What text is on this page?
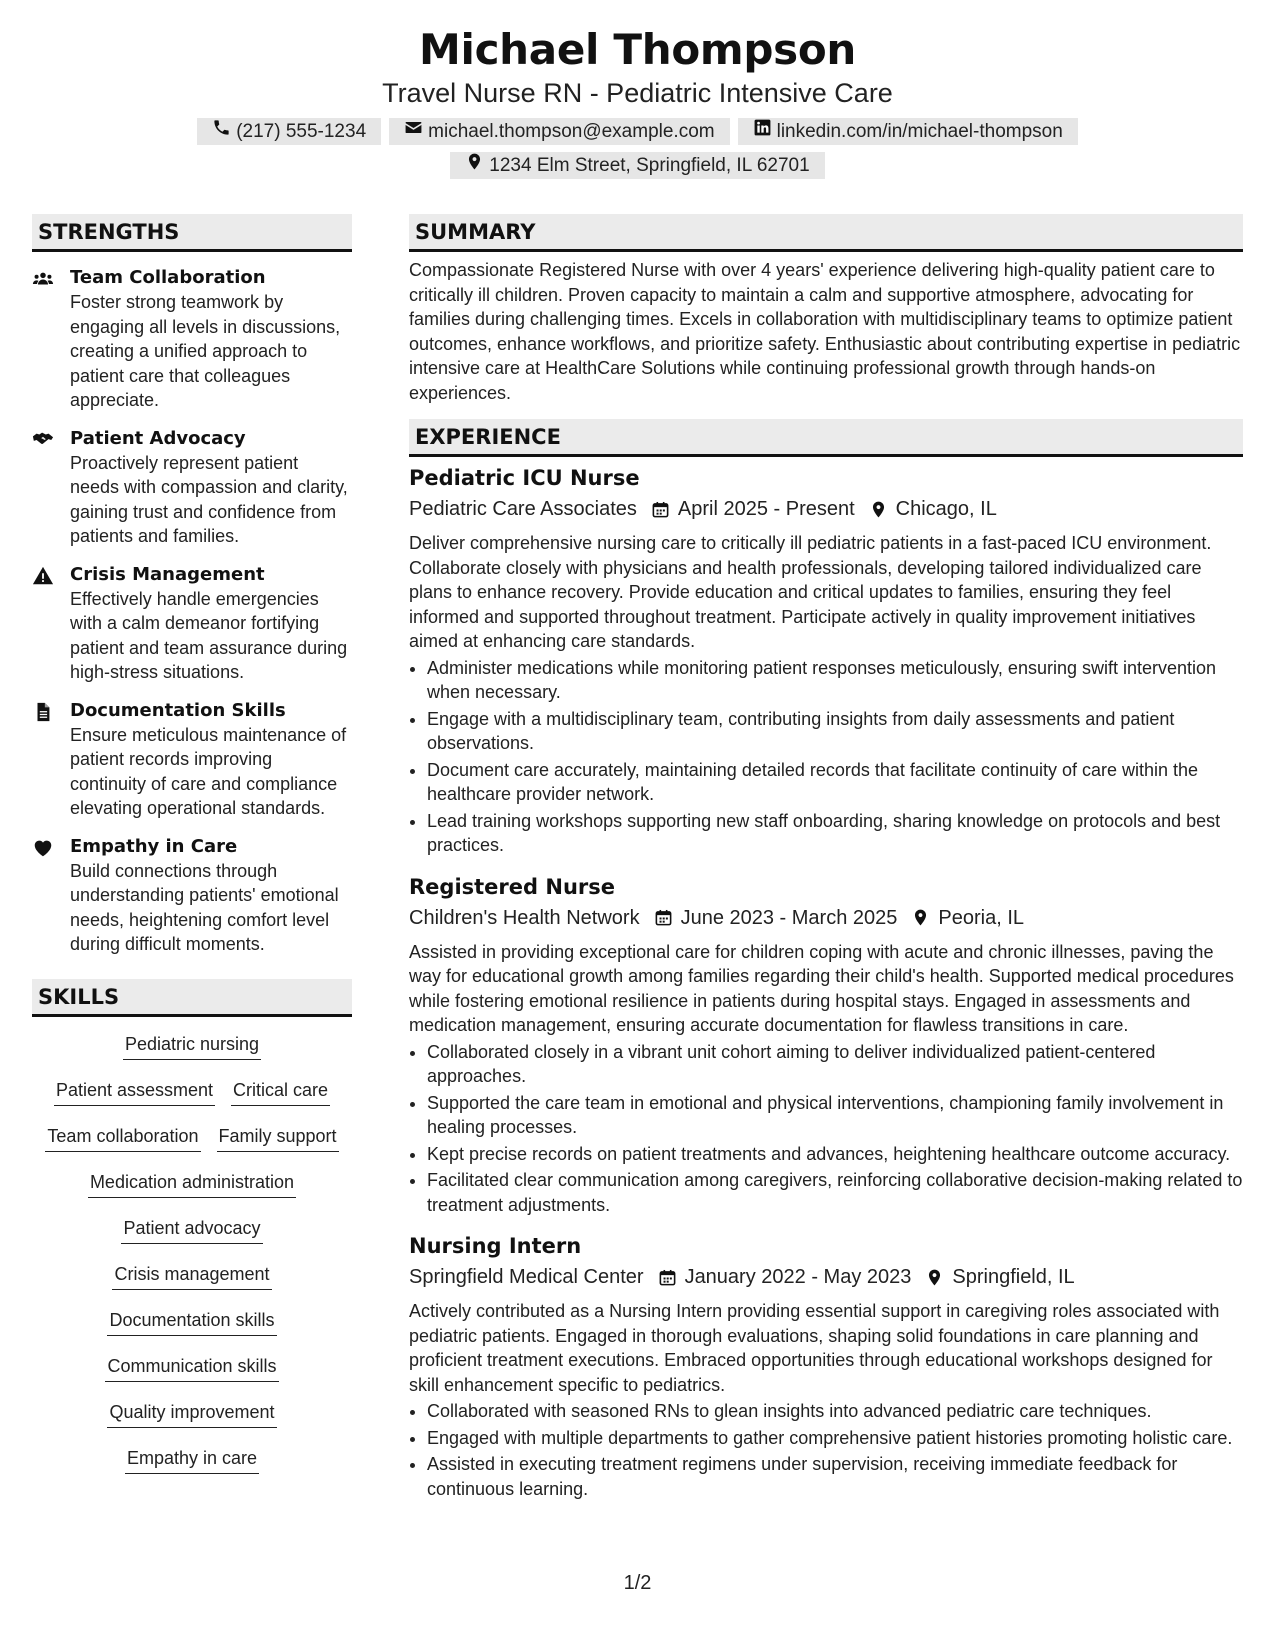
Michael Thompson
Travel Nurse RN - Pediatric Intensive Care
(217) 555-1234	michael.thompson@example.com	linkedin.com/in/michael-thompson
1234 Elm Street, Springfield, IL 62701
STRENGTHS
Team Collaboration
Foster strong teamwork by engaging all levels in discussions, creating a unified approach to patient care that colleagues appreciate.
Patient Advocacy
Proactively represent patient needs with compassion and clarity, gaining trust and confidence from patients and families.
Crisis Management
Effectively handle emergencies with a calm demeanor fortifying patient and team assurance during high-stress situations.
Documentation Skills
Ensure meticulous maintenance of patient records improving continuity of care and compliance elevating operational standards.
Empathy in Care
Build connections through understanding patients' emotional needs, heightening comfort level during difficult moments.
SKILLS
Pediatric nursing
Patient assessment Critical care
Team collaboration Family support
Medication administration
Patient advocacy
Crisis management
Documentation skills
Communication skills
Quality improvement
Empathy in care
SUMMARY
Compassionate Registered Nurse with over 4 years' experience delivering high-quality patient care to critically ill children. Proven capacity to maintain a calm and supportive atmosphere, advocating for families during challenging times. Excels in collaboration with multidisciplinary teams to optimize patient outcomes, enhance workflows, and prioritize safety. Enthusiastic about contributing expertise in pediatric intensive care at HealthCare Solutions while continuing professional growth through hands-on experiences.
EXPERIENCE
Pediatric ICU Nurse
Pediatric Care Associates April 2025 - Present Chicago, IL
Deliver comprehensive nursing care to critically ill pediatric patients in a fast-paced ICU environment. Collaborate closely with physicians and health professionals, developing tailored individualized care plans to enhance recovery. Provide education and critical updates to families, ensuring they feel informed and supported throughout treatment. Participate actively in quality improvement initiatives aimed at enhancing care standards.
• Administer medications while monitoring patient responses meticulously, ensuring swift intervention when necessary.
• Engage with a multidisciplinary team, contributing insights from daily assessments and patient observations.
• Document care accurately, maintaining detailed records that facilitate continuity of care within the healthcare provider network.
• Lead training workshops supporting new staff onboarding, sharing knowledge on protocols and best practices.
Registered Nurse
Children's Health Network June 2023 - March 2025 Peoria, IL
Assisted in providing exceptional care for children coping with acute and chronic illnesses, paving the way for educational growth among families regarding their child's health. Supported medical procedures while fostering emotional resilience in patients during hospital stays. Engaged in assessments and medication management, ensuring accurate documentation for flawless transitions in care.
• Collaborated closely in a vibrant unit cohort aiming to deliver individualized patient-centered approaches.
• Supported the care team in emotional and physical interventions, championing family involvement in healing processes.
• Kept precise records on patient treatments and advances, heightening healthcare outcome accuracy.
• Facilitated clear communication among caregivers, reinforcing collaborative decision-making related to treatment adjustments.
Nursing Intern
Springfield Medical Center January 2022 - May 2023 Springfield, IL
Actively contributed as a Nursing Intern providing essential support in caregiving roles associated with pediatric patients. Engaged in thorough evaluations, shaping solid foundations in care planning and proficient treatment executions. Embraced opportunities through educational workshops designed for skill enhancement specific to pediatrics.
• Collaborated with seasoned RNs to glean insights into advanced pediatric care techniques.
• Engaged with multiple departments to gather comprehensive patient histories promoting holistic care.
• Assisted in executing treatment regimens under supervision, receiving immediate feedback for continuous learning.
1/2
